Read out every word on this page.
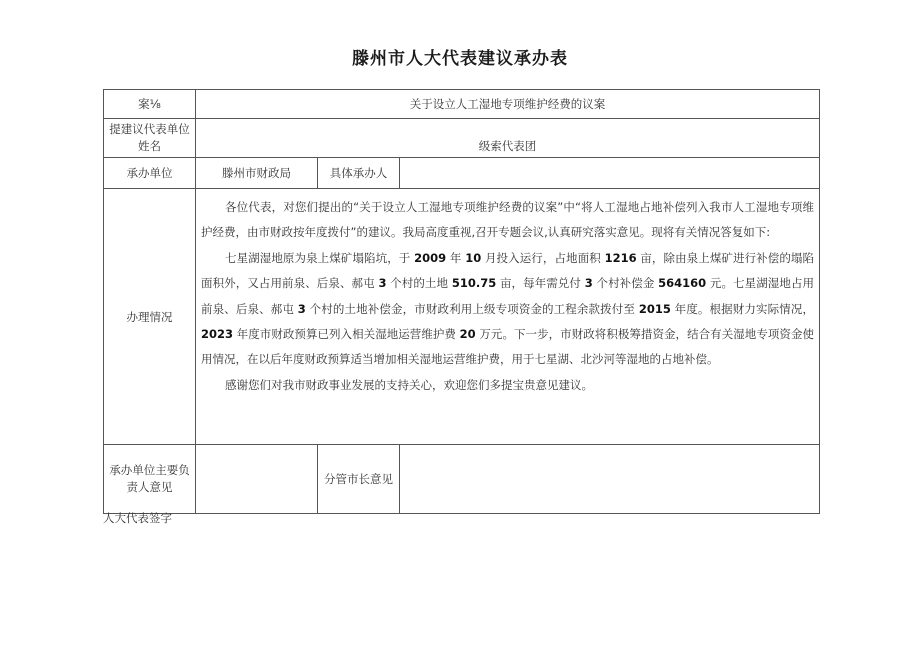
滕州市人大代表建议承办表
案⅛	关于设立人工湿地专项维护经费的议案		

提建议代表单位
姓名	级索代表团		
承办单位	滕州市财政局	具体承办人	
办理情况	各位代表，对您们提出的“关于设立人工湿地专项维护经费的议案”中“将人工湿地占地补偿列入我市人工湿地专项维护经费，由市财政按年度拨付”的建议。我局高度重视,召开专题会议,认真研究落实意见。现将有关情况答复如下:

七星湖湿地原为泉上煤矿塌陷坑，于 2009 年 10 月投入运行，占地面积 1216 亩，除由泉上煤矿进行补偿的塌陷面积外，又占用前泉、后泉、郝屯 3 个村的土地 510.75 亩，每年需兑付 3 个村补偿金 564160 元。七星湖湿地占用前泉、后泉、郝屯 3 个村的土地补偿金，市财政利用上级专项资金的工程余款拨付至 2015 年度。根据财力实际情况，2023 年度市财政预算已列入相关湿地运营维护费 20 万元。下一步，市财政将积极筹措资金，结合有关湿地专项资金使用情况，在以后年度财政预算适当增加相关湿地运营维护费，用于七星湖、北沙河等湿地的占地补偿。

感谢您们对我市财政事业发展的支持关心，欢迎您们多提宝贵意见建议。		

承办单位主要负
责人意见		分管市长意见	
人大代表签字
